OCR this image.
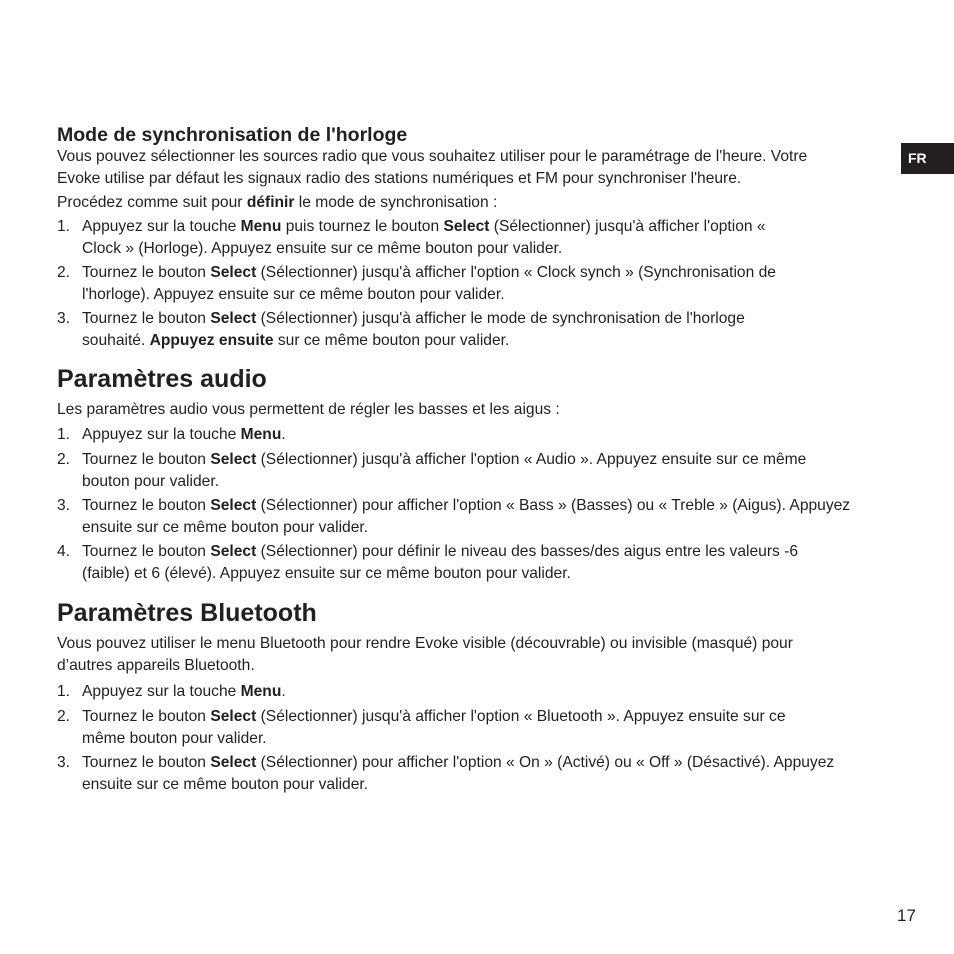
FR
Mode de synchronisation de l'horloge

Vous pouvez sélectionner les sources radio que vous souhaitez utiliser pour le paramétrage de l'heure. Votre
Evoke utilise par défaut les signaux radio des stations numériques et FM pour synchroniser l'heure.

Procédez comme suit pour définir le mode de synchronisation :

1. Appuyez sur la touche Menu puis tournez le bouton Select (Sélectionner) jusqu'à afficher l'option «
Clock » (Horloge). Appuyez ensuite sur ce même bouton pour valider.
2. Tournez le bouton Select (Sélectionner) jusqu'à afficher l'option « Clock synch » (Synchronisation de
l'horloge). Appuyez ensuite sur ce même bouton pour valider.
3. Tournez le bouton Select (Sélectionner) jusqu'à afficher le mode de synchronisation de l'horloge
souhaité. Appuyez ensuite sur ce même bouton pour valider.
Paramètres audio

Les paramètres audio vous permettent de régler les basses et les aigus :

1. Appuyez sur la touche Menu.
2. Tournez le bouton Select (Sélectionner) jusqu'à afficher l'option « Audio ». Appuyez ensuite sur ce même
bouton pour valider.
3. Tournez le bouton Select (Sélectionner) pour afficher l'option « Bass » (Basses) ou « Treble » (Aigus). Appuyez
ensuite sur ce même bouton pour valider.
4. Tournez le bouton Select (Sélectionner) pour définir le niveau des basses/des aigus entre les valeurs -6
(faible) et 6 (élevé). Appuyez ensuite sur ce même bouton pour valider.
Paramètres Bluetooth

Vous pouvez utiliser le menu Bluetooth pour rendre Evoke visible (découvrable) ou invisible (masqué) pour
d’autres appareils Bluetooth.

1. Appuyez sur la touche Menu.
2. Tournez le bouton Select (Sélectionner) jusqu'à afficher l'option « Bluetooth ». Appuyez ensuite sur ce
même bouton pour valider.
3. Tournez le bouton Select (Sélectionner) pour afficher l'option « On » (Activé) ou « Off » (Désactivé). Appuyez
ensuite sur ce même bouton pour valider.
17
